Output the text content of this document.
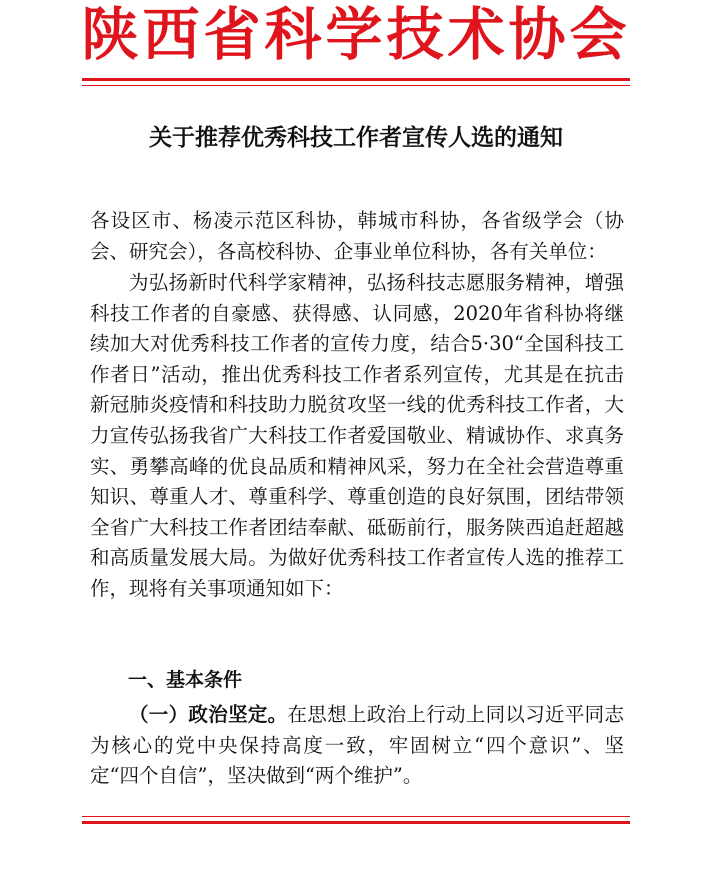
陕西省科学技术协会
关于推荐优秀科技工作者宣传人选的通知

各设区市、杨凌示范区科协，韩城市科协，各省级学会（协会、研究会），各高校科协、企事业单位科协，各有关单位：

为弘扬新时代科学家精神，弘扬科技志愿服务精神，增强科技工作者的自豪感、获得感、认同感，2020年省科协将继续加大对优秀科技工作者的宣传力度，结合5·30“全国科技工作者日”活动，推出优秀科技工作者系列宣传，尤其是在抗击新冠肺炎疫情和科技助力脱贫攻坚一线的优秀科技工作者，大力宣传弘扬我省广大科技工作者爱国敬业、精诚协作、求真务实、勇攀高峰的优良品质和精神风采，努力在全社会营造尊重知识、尊重人才、尊重科学、尊重创造的良好氛围，团结带领全省广大科技工作者团结奉献、砥砺前行，服务陕西追赶超越和高质量发展大局。为做好优秀科技工作者宣传人选的推荐工作，现将有关事项通知如下：

一、基本条件

（一）政治坚定。在思想上政治上行动上同以习近平同志为核心的党中央保持高度一致，牢固树立“四个意识”、坚定“四个自信”，坚决做到“两个维护”。
